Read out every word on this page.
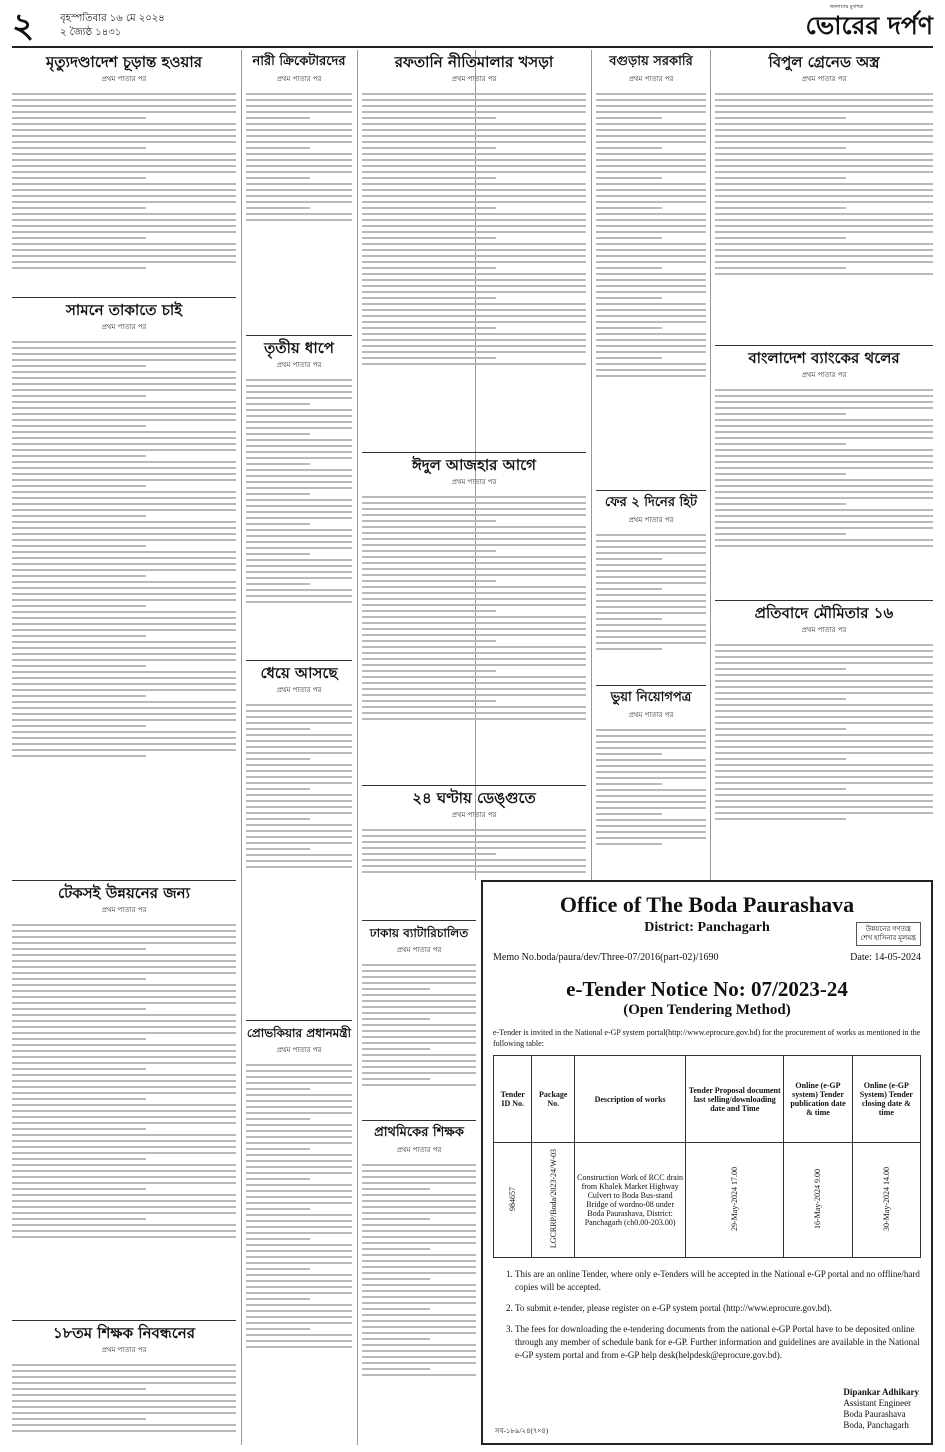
২	বৃহস্পতিবার ১৬ মে ২০২৪
২ জ্যৈষ্ঠ ১৪৩১
জনগণের মুখপত্র
ভোরের দর্পণ
মৃত্যুদণ্ডাদেশ চূড়ান্ত হওয়ার
প্রথম পাতার পর
সামনে তাকাতে চাই
প্রথম পাতার পর
টেকসই উন্নয়নের জন্য
প্রথম পাতার পর
১৮তম শিক্ষক নিবন্ধনের
প্রথম পাতার পর
নারী ক্রিকেটারদের
প্রথম পাতার পর
তৃতীয় ধাপে
প্রথম পাতার পর
ধেয়ে আসছে
প্রথম পাতার পর
প্রোভকিয়ার প্রধানমন্ত্রী
প্রথম পাতার পর
রফতানি নীতিমালার খসড়া
প্রথম পাতার পর
ঈদুল আজহার আগে
প্রথম পাতার পর
২৪ ঘণ্টায় ডেঙ্গুতে
প্রথম পাতার পর
ঢাকায় ব্যাটারিচালিত
প্রথম পাতার পর
প্রাথমিকের শিক্ষক
প্রথম পাতার পর
বগুড়ায় সরকারি
প্রথম পাতার পর
ফের ২ দিনের হিট
প্রথম পাতার পর
ভুয়া নিয়োগপত্র
প্রথম পাতার পর
বিপুল গ্রেনেড অস্ত্র
প্রথম পাতার পর
বাংলাদেশ ব্যাংকের থলের
প্রথম পাতার পর
প্রতিবাদে মৌমিতার ১৬
প্রথম পাতার পর
Office of The Boda Paurashava
District: Panchagarh	উন্নয়নের গণতন্ত্র
শেখ হাসিনার মূলমন্ত্র
Memo No.boda/paura/dev/Three-07/2016(part-02)/1690	Date: 14-05-2024
e-Tender Notice No: 07/2023-24
(Open Tendering Method)
e-Tender is invited in the National e-GP system portal(http://www.eprocure.gov.bd) for the procurement of works as mentioned in the following table:
Tender ID No.	Package No.	Description of works	Tender Proposal document last selling/downloading date and Time	Online (e-GP system) Tender publication date & time	Online (e-GP System) Tender closing date & time
984657	LGCRRP/Boda/2023-24/W-03	Construction Work of RCC drain from Khalek Market Highway Culvert to Boda Bus-stand Bridge of wordno-08 under Boda Paurashava, District: Panchagarh (ch0.00-203.00)	29-May-2024 17.00	16-May-2024 9.00	30-May-2024 14.00
1. This are an online Tender, where only e-Tenders will be accepted in the National e-GP portal and no offline/hard copies will be accepted.
2. To submit e-tender, please register on e-GP system portal (http://www.eprocure.gov.bd).
3. The fees for downloading the e-tendering documents from the national e-GP Portal have to be deposited online through any member of schedule bank for e-GP. Further information and guidelines are available in the National e-GP system portal and from e-GP help desk(helpdesk@eprocure.gov.bd).
Dipankar Adhikary
Assistant Engineer
Boda Paurashava
Boda, Panchagarh
সব-১৮৯/২৪(৭×৪)
